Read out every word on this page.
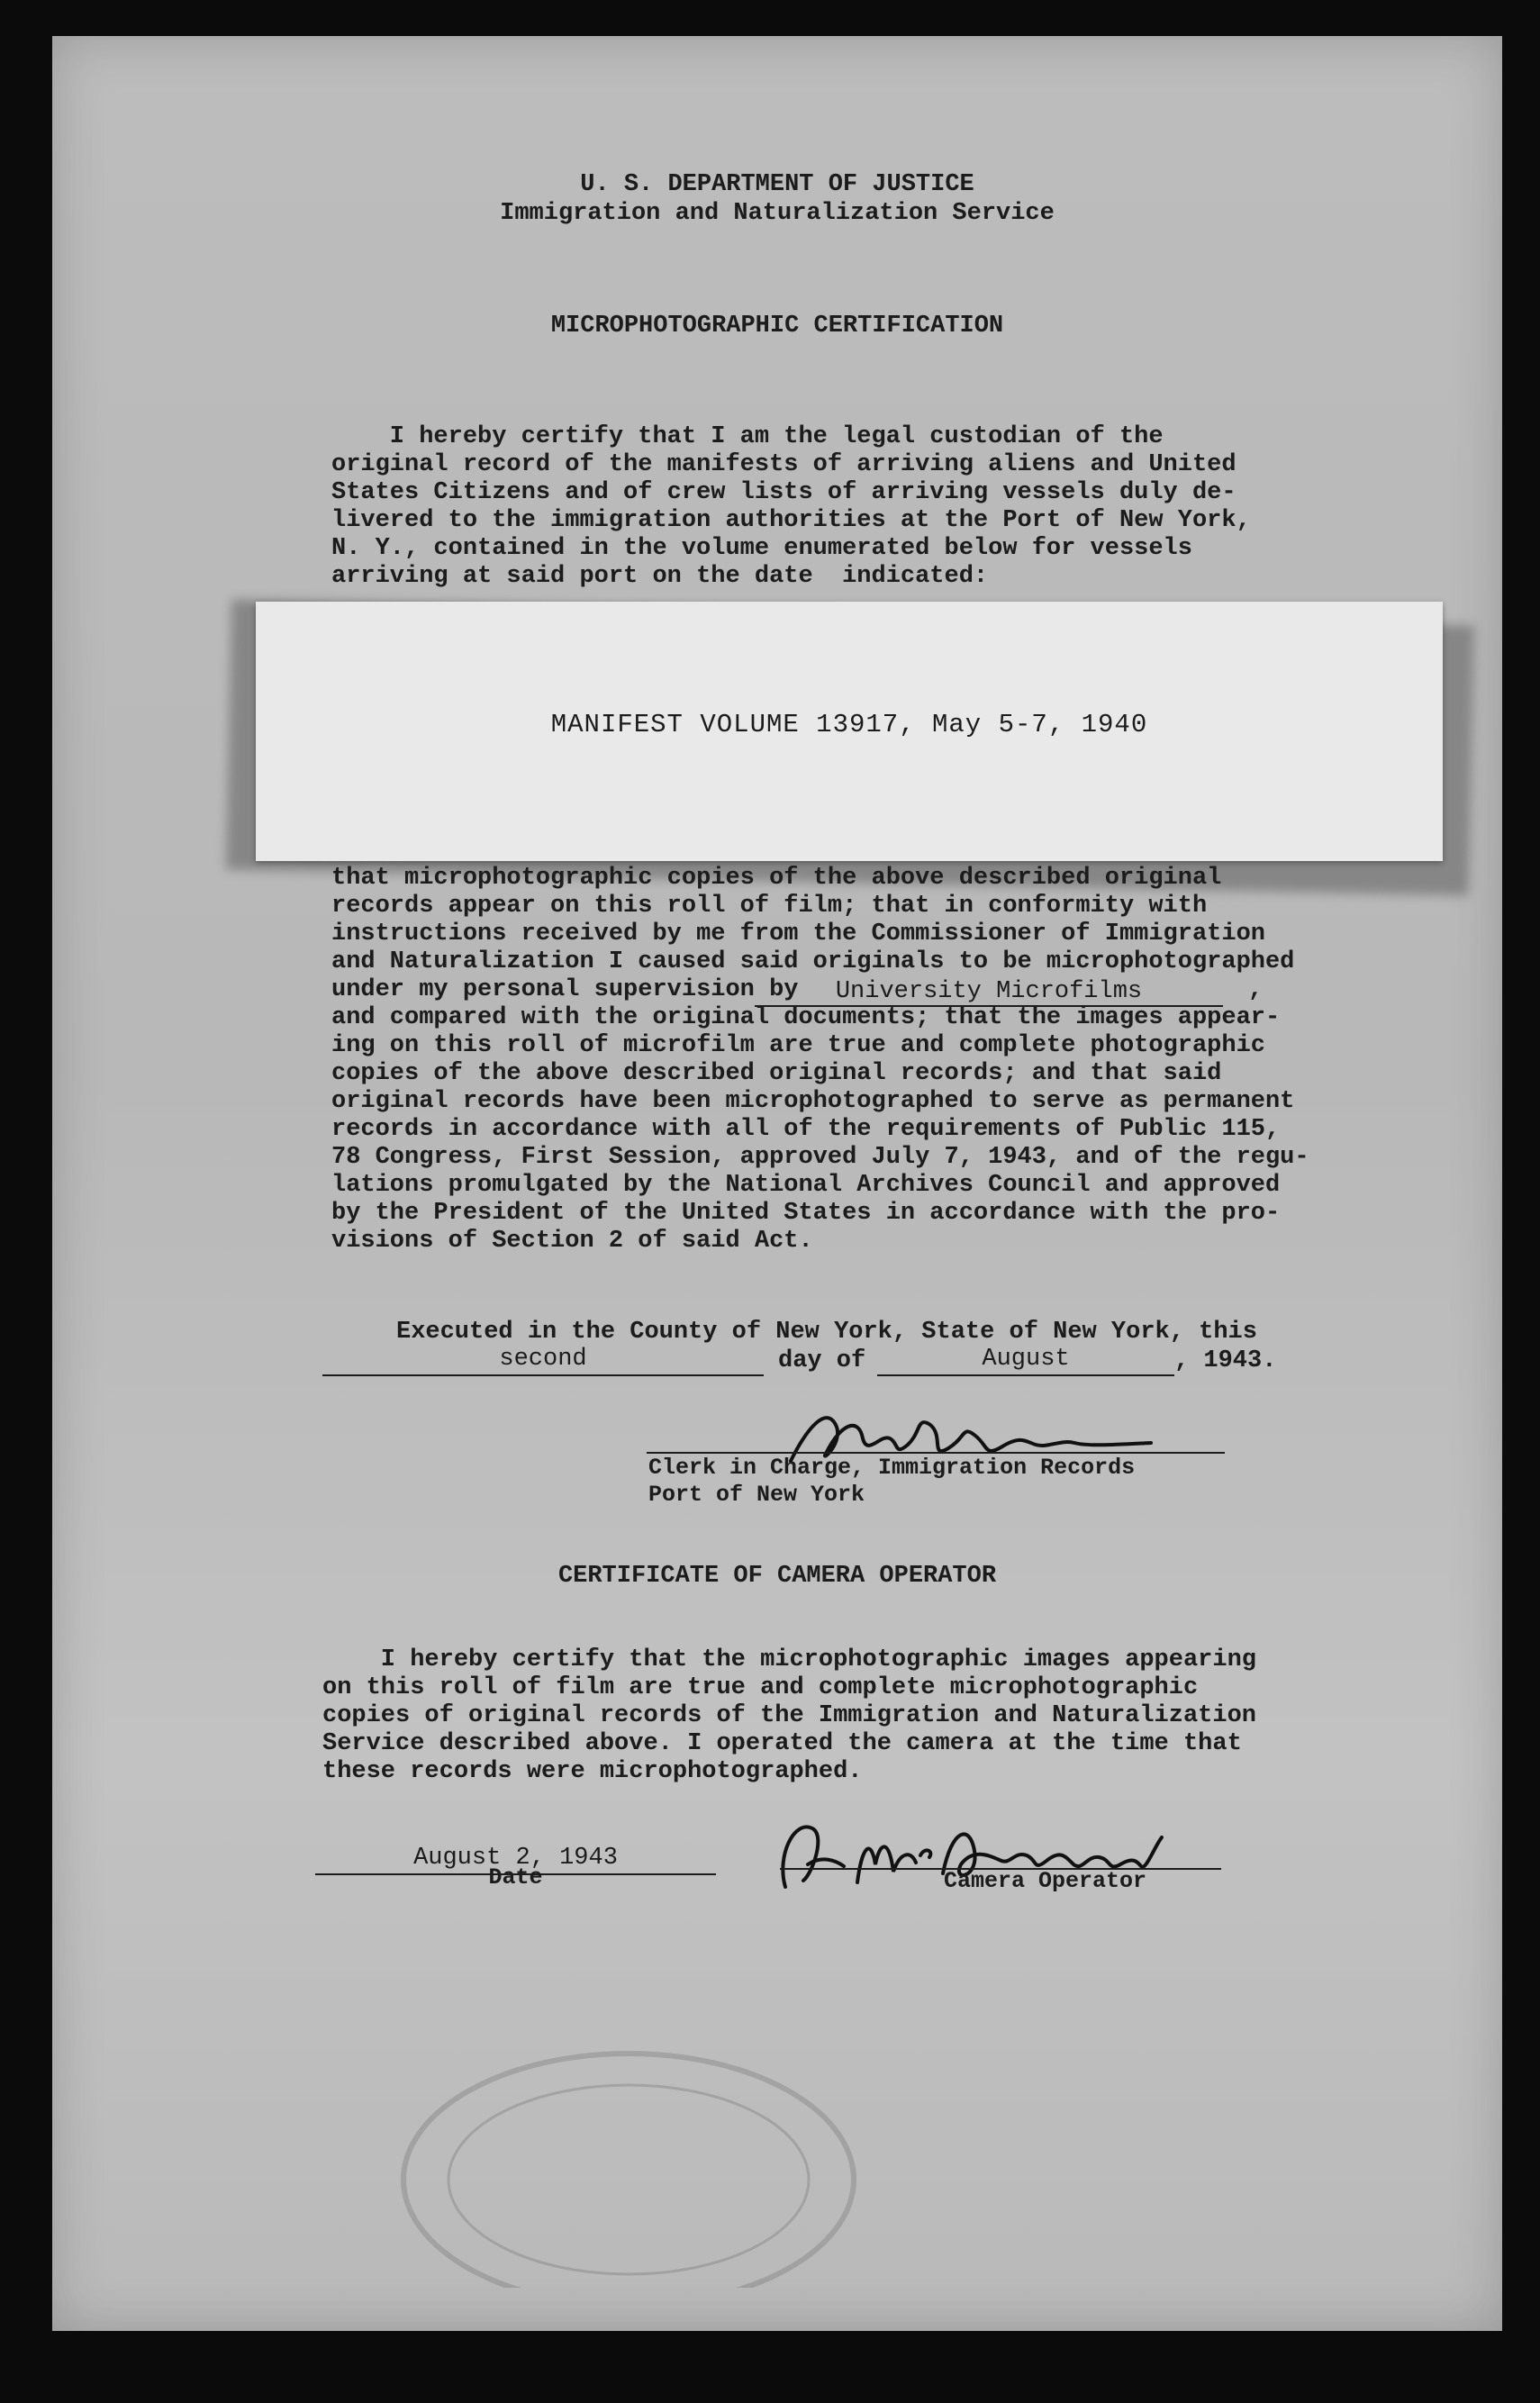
U. S. DEPARTMENT OF JUSTICE
Immigration and Naturalization Service
MICROPHOTOGRAPHIC CERTIFICATION
I hereby certify that I am the legal custodian of the
original record of the manifests of arriving aliens and United
States Citizens and of crew lists of arriving vessels duly de-
livered to the immigration authorities at the Port of New York,
N. Y., contained in the volume enumerated below for vessels
arriving at said port on the date  indicated:
MANIFEST VOLUME 13917, May 5-7, 1940
that microphotographic copies of the above described original
records appear on this roll of film; that in conformity with
instructions received by me from the Commissioner of Immigration
and Naturalization I caused said originals to be microphotographed
under my personal supervision by	University Microfilms	,
and compared with the original documents; that the images appear-
ing on this roll of microfilm are true and complete photographic
copies of the above described original records; and that said
original records have been microphotographed to serve as permanent
records in accordance with all of the requirements of Public 115,
78 Congress, First Session, approved July 7, 1943, and of the regu-
lations promulgated by the National Archives Council and approved
by the President of the United States in accordance with the pro-
visions of Section 2 of said Act.
Executed in the County of New York, State of New York, this
second	day of	August	, 1943.
Clerk in Charge, Immigration Records
Port of New York
CERTIFICATE OF CAMERA OPERATOR
I hereby certify that the microphotographic images appearing
on this roll of film are true and complete microphotographic
copies of original records of the Immigration and Naturalization
Service described above. I operated the camera at the time that
these records were microphotographed.
August 2, 1943
Date	Camera Operator
